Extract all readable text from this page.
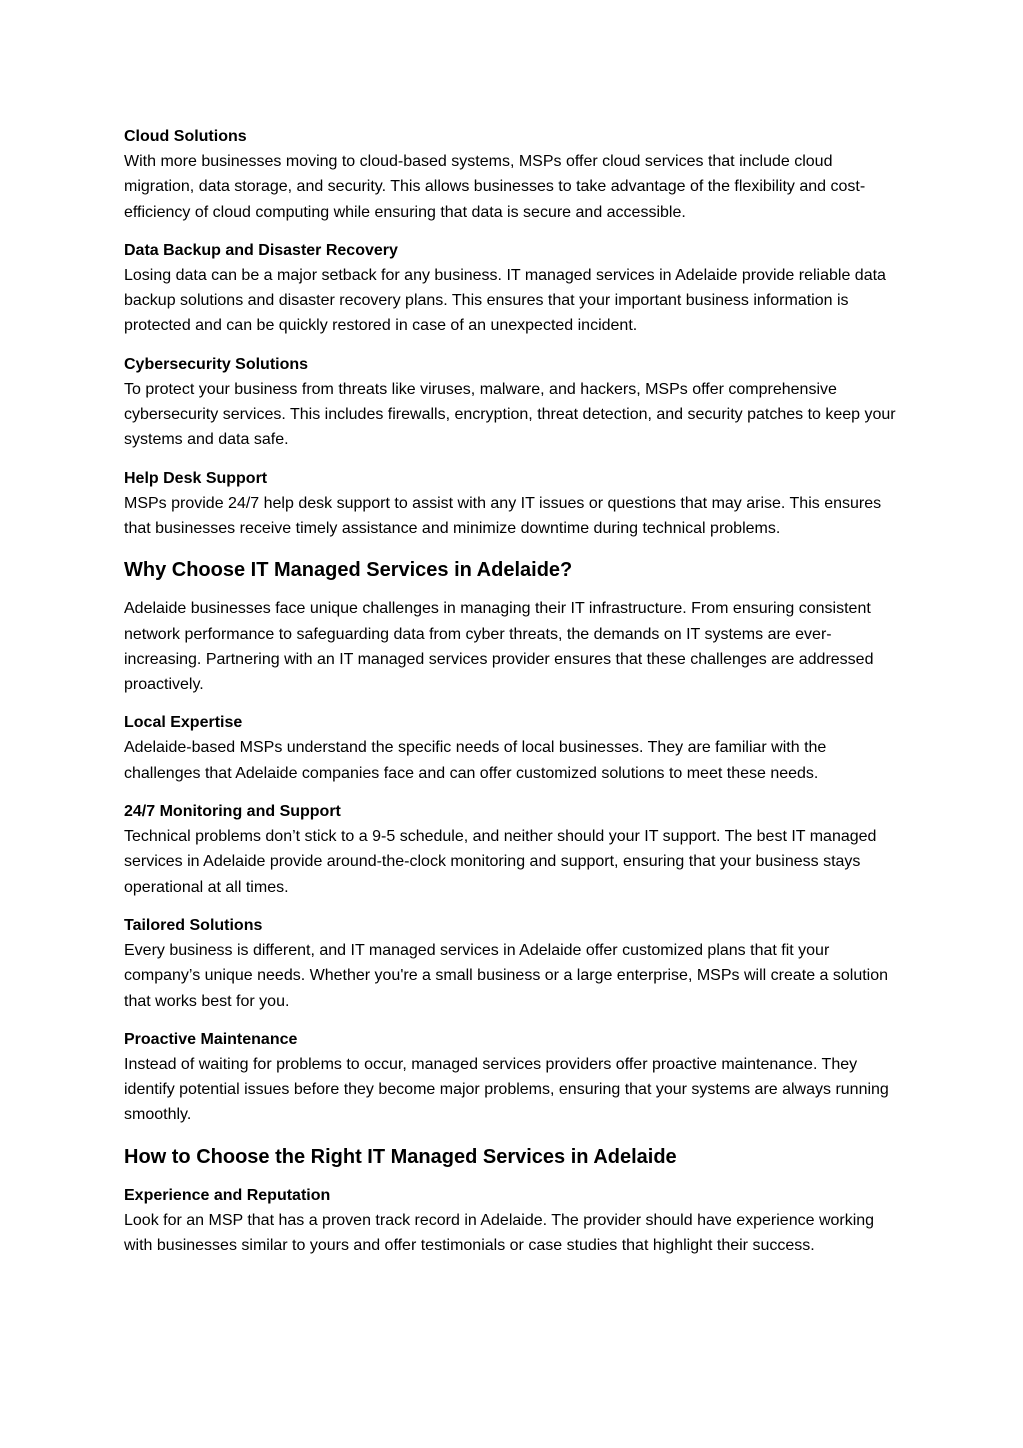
Cloud Solutions

With more businesses moving to cloud-based systems, MSPs offer cloud services that include cloud migration, data storage, and security. This allows businesses to take advantage of the flexibility and cost-efficiency of cloud computing while ensuring that data is secure and accessible.

Data Backup and Disaster Recovery

Losing data can be a major setback for any business. IT managed services in Adelaide provide reliable data backup solutions and disaster recovery plans. This ensures that your important business information is protected and can be quickly restored in case of an unexpected incident.

Cybersecurity Solutions

To protect your business from threats like viruses, malware, and hackers, MSPs offer comprehensive cybersecurity services. This includes firewalls, encryption, threat detection, and security patches to keep your systems and data safe.

Help Desk Support

MSPs provide 24/7 help desk support to assist with any IT issues or questions that may arise. This ensures that businesses receive timely assistance and minimize downtime during technical problems.

Why Choose IT Managed Services in Adelaide?

Adelaide businesses face unique challenges in managing their IT infrastructure. From ensuring consistent network performance to safeguarding data from cyber threats, the demands on IT systems are ever-increasing. Partnering with an IT managed services provider ensures that these challenges are addressed proactively.

Local Expertise

Adelaide-based MSPs understand the specific needs of local businesses. They are familiar with the challenges that Adelaide companies face and can offer customized solutions to meet these needs.

24/7 Monitoring and Support

Technical problems don’t stick to a 9-5 schedule, and neither should your IT support. The best IT managed services in Adelaide provide around-the-clock monitoring and support, ensuring that your business stays operational at all times.

Tailored Solutions

Every business is different, and IT managed services in Adelaide offer customized plans that fit your company’s unique needs. Whether you're a small business or a large enterprise, MSPs will create a solution that works best for you.

Proactive Maintenance

Instead of waiting for problems to occur, managed services providers offer proactive maintenance. They identify potential issues before they become major problems, ensuring that your systems are always running smoothly.

How to Choose the Right IT Managed Services in Adelaide

Experience and Reputation

Look for an MSP that has a proven track record in Adelaide. The provider should have experience working with businesses similar to yours and offer testimonials or case studies that highlight their success.
